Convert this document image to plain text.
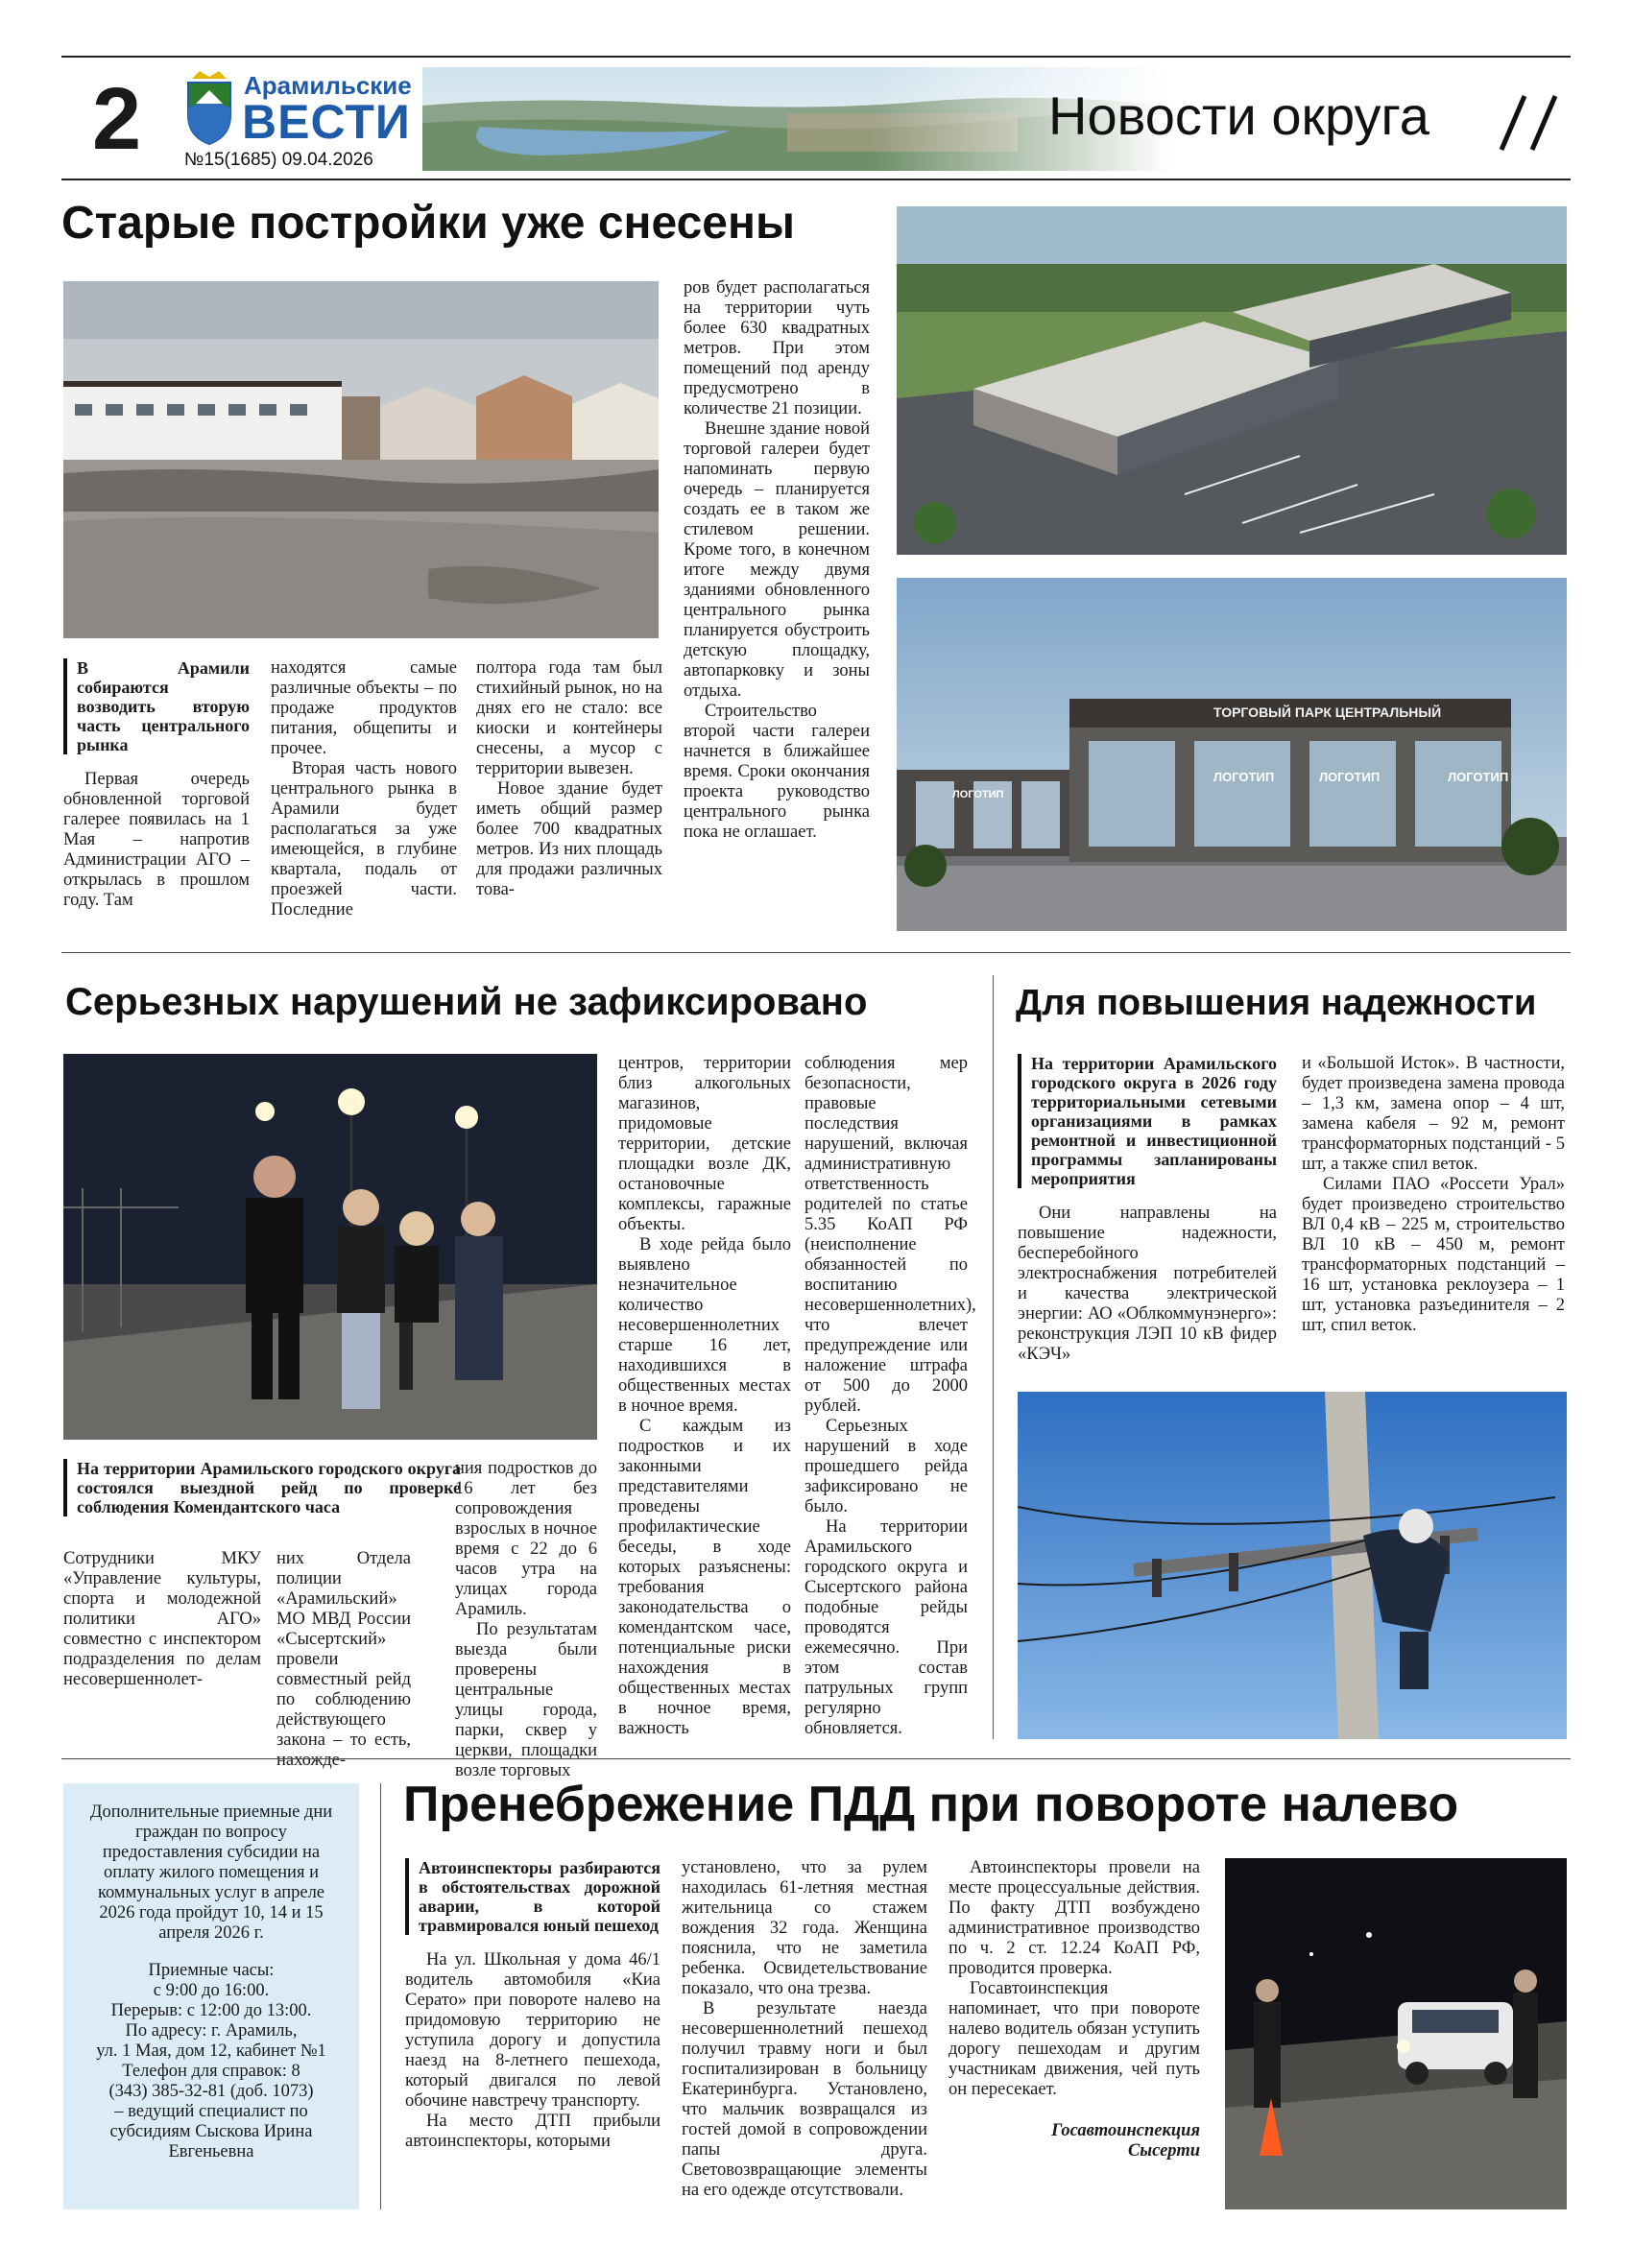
2	Арамильские
ВЕСТИ
№15(1685) 09.04.2026
Новости округа
Старые постройки уже снесены
В Арамили собираются возводить вторую часть центрального рынка

Первая очередь обновленной торговой галерее появилась на 1 Мая – напротив Администрации АГО – открылась в прошлом году. Там

находятся самые различные объекты – по продаже продуктов питания, общепиты и прочее.

Вторая часть нового центрального рынка в Арамили будет располагаться за уже имеющейся, в глубине квартала, подаль от проезжей части. Последние

полтора года там был стихийный рынок, но на днях его не стало: все киоски и контейнеры снесены, а мусор с территории вывезен.

Новое здание будет иметь общий размер более 700 квадратных метров. Из них площадь для продажи различных това-

ров будет располагаться на территории чуть более 630 квадратных метров. При этом помещений под аренду предусмотрено в количестве 21 позиции.

Внешне здание новой торговой галереи будет напоминать первую очередь – планируется создать ее в таком же стилевом решении. Кроме того, в конечном итоге между двумя зданиями обновленного центрального рынка планируется обустроить детскую площадку, автопарковку и зоны отдыха.

Строительство второй части галереи начнется в ближайшее время. Сроки окончания проекта руководство центрального рынка пока не оглашает.

ТОРГОВЫЙ ПАРК ЦЕНТРАЛЬНЫЙ
ЛОГОТИП	ЛОГОТИП	ЛОГОТИП
ЛОГОТИП
Серьезных нарушений не зафиксировано

Сотрудники МКУ «Управление культуры, спорта и молодежной политики АГО» совместно с инспектором подразделения по делам несовершеннолет-

На территории Арамильского городского округа состоялся выездной рейд по проверке соблюдения Комендантского часа

них Отдела полиции «Арамильский» МО МВД России «Сысертский» провели совместный рейд по соблюдению действующего закона – то есть, нахожде-

ния подростков до 16 лет без сопровождения взрослых в ночное время с 22 до 6 часов утра на улицах города Арамиль.

По результатам выезда были проверены центральные улицы города, парки, сквер у церкви, площадки возле торговых

центров, территории близ алкогольных магазинов, придомовые территории, детские площадки возле ДК, остановочные комплексы, гаражные объекты.

В ходе рейда было выявлено незначительное количество несовершеннолетних старше 16 лет, находившихся в общественных местах в ночное время.

С каждым из подростков и их законными представителями проведены профилактические беседы, в ходе которых разъяснены: требования законодательства о комендантском часе, потенциальные риски нахождения в общественных местах в ночное время, важность

соблюдения мер безопасности, правовые последствия нарушений, включая административную ответственность родителей по статье 5.35 КоАП РФ (неисполнение обязанностей по воспитанию несовершеннолетних), что влечет предупреждение или наложение штрафа от 500 до 2000 рублей.

Серьезных нарушений в ходе прошедшего рейда зафиксировано не было.

На территории Арамильского городского округа и Сысертского района подобные рейды проводятся ежемесячно. При этом состав патрульных групп регулярно обновляется.

Для повышения надежности
На территории Арамильского городского округа в 2026 году территориальными сетевыми организациями в рамках ремонтной и инвестиционной программы запланированы мероприятия

Они направлены на повышение надежности, бесперебойного электроснабжения потребителей и качества электрической энергии: АО «Облкоммунэнерго»: реконструкция ЛЭП 10 кВ фидер «КЭЧ»

и «Большой Исток». В частности, будет произведена замена провода – 1,3 км, замена опор – 4 шт, замена кабеля – 92 м, ремонт трансформаторных подстанций - 5 шт, а также спил веток.

Силами ПАО «Россети Урал» будет произведено строительство ВЛ 0,4 кВ – 225 м, строительство ВЛ 10 кВ – 450 м, ремонт трансформаторных подстанций – 16 шт, установка реклоузера – 1 шт, установка разъединителя – 2 шт, спил веток.

Дополнительные приемные дни граждан по вопросу предоставления субсидии на оплату жилого помещения и коммунальных услуг в апреле 2026 года пройдут 10, 14 и 15 апреля 2026 г.

Приемные часы:

с 9:00 до 16:00.

Перерыв: с 12:00 до 13:00.

По адресу: г. Арамиль,

ул. 1 Мая, дом 12, кабинет №1

Телефон для справок: 8

(343) 385-32-81 (доб. 1073)

– ведущий специалист по субсидиям Сыскова Ирина Евгеньевна

Пренебрежение ПДД при повороте налево
Автоинспекторы разбираются в обстоятельствах дорожной аварии, в которой травмировался юный пешеход

На ул. Школьная у дома 46/1 водитель автомобиля «Киа Серато» при повороте налево на придомовую территорию не уступила дорогу и допустила наезд на 8-летнего пешехода, который двигался по левой обочине навстречу транспорту.

На место ДТП прибыли автоинспекторы, которыми

установлено, что за рулем находилась 61-летняя местная жительница со стажем вождения 32 года. Женщина пояснила, что не заметила ребенка. Освидетельствование показало, что она трезва.

В результате наезда несовершеннолетний пешеход получил травму ноги и был госпитализирован в больницу Екатеринбурга. Установлено, что мальчик возвращался из гостей домой в сопровождении папы друга. Световозвращающие элементы на его одежде отсутствовали.

Автоинспекторы провели на месте процессуальные действия. По факту ДТП возбуждено административное производство по ч. 2 ст. 12.24 КоАП РФ, проводится проверка.

Госавтоинспекция напоминает, что при повороте налево водитель обязан уступить дорогу пешеходам и другим участникам движения, чей путь он пересекает.

Госавтоинспекция
Сысерти
